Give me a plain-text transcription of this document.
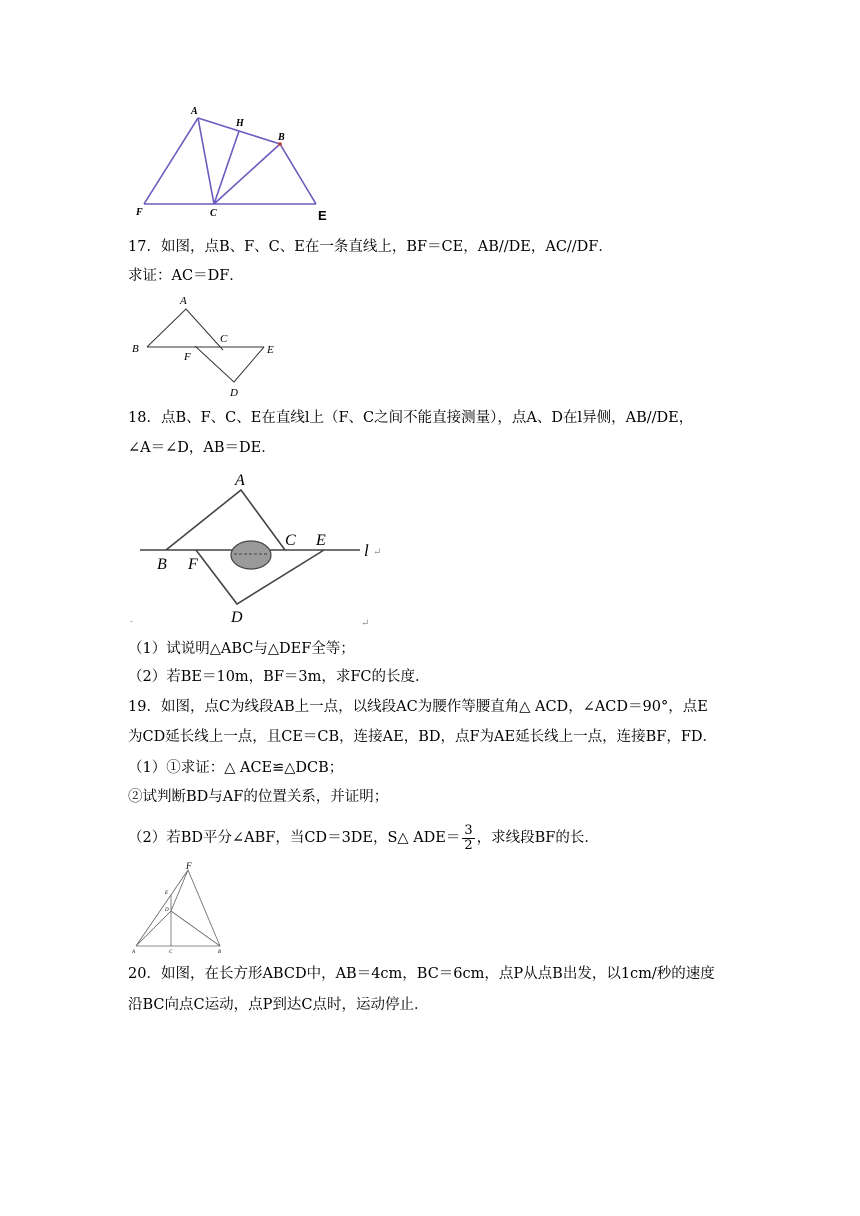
A
H
B
F	C	E
17．如图，点B、F、C、E在一条直线上，BF＝CE，AB//DE，AC//DF．
求证：AC＝DF．
A
C
B
F
E
D
18．点B、F、C、E在直线l上（F、C之间不能直接测量），点A、D在l异侧，AB//DE，
∠A＝∠D，AB＝DE．
A
C E
B F
D
l ↵
-	↵
（1）试说明△ABC与△DEF全等；
（2）若BE＝10m，BF＝3m，求FC的长度．
19．如图，点C为线段AB上一点，以线段AC为腰作等腰直角△ ACD，∠ACD＝90°，点E
为CD延长线上一点，且CE＝CB，连接AE，BD，点F为AE延长线上一点，连接BF，FD．
（1）①求证：△ ACE≌△DCB；
②试判断BD与AF的位置关系，并证明；
（2）若BD平分∠ABF，当CD＝3DE，S△ $ADE= \frac{3}{2}$ ，求线段BF的长．
F
E
D
A	C	B
20．如图，在长方形ABCD中，AB＝4cm，BC＝6cm，点P从点B出发，以1cm/秒的速度
沿BC向点C运动，点P到达C点时，运动停止．
